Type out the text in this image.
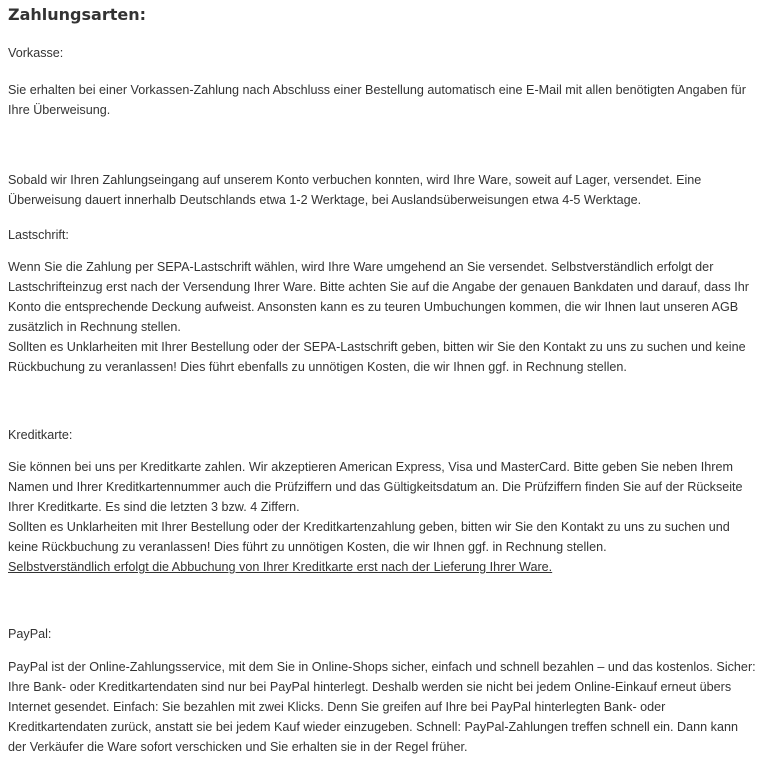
Zahlungsarten:
Vorkasse:

Sie erhalten bei einer Vorkassen-Zahlung nach Abschluss einer Bestellung automatisch eine E-Mail mit allen benötigten Angaben für Ihre Überweisung.

Sobald wir Ihren Zahlungseingang auf unserem Konto verbuchen konnten, wird Ihre Ware, soweit auf Lager, versendet. Eine Überweisung dauert innerhalb Deutschlands etwa 1-2 Werktage, bei Auslandsüberweisungen etwa 4-5 Werktage.

Lastschrift:

Wenn Sie die Zahlung per SEPA-Lastschrift wählen, wird Ihre Ware umgehend an Sie versendet. Selbstverständlich erfolgt der Lastschrifteinzug erst nach der Versendung Ihrer Ware. Bitte achten Sie auf die Angabe der genauen Bankdaten und darauf, dass Ihr Konto die entsprechende Deckung aufweist. Ansonsten kann es zu teuren Umbuchungen kommen, die wir Ihnen laut unseren AGB zusätzlich in Rechnung stellen.

Sollten es Unklarheiten mit Ihrer Bestellung oder der SEPA-Lastschrift geben, bitten wir Sie den Kontakt zu uns zu suchen und keine Rückbuchung zu veranlassen! Dies führt ebenfalls zu unnötigen Kosten, die wir Ihnen ggf. in Rechnung stellen.

Kreditkarte:

Sie können bei uns per Kreditkarte zahlen. Wir akzeptieren American Express, Visa und MasterCard. Bitte geben Sie neben Ihrem Namen und Ihrer Kreditkartennummer auch die Prüfziffern und das Gültigkeitsdatum an. Die Prüfziffern finden Sie auf der Rückseite Ihrer Kreditkarte. Es sind die letzten 3 bzw. 4 Ziffern.

Sollten es Unklarheiten mit Ihrer Bestellung oder der Kreditkartenzahlung geben, bitten wir Sie den Kontakt zu uns zu suchen und keine Rückbuchung zu veranlassen! Dies führt zu unnötigen Kosten, die wir Ihnen ggf. in Rechnung stellen.

Selbstverständlich erfolgt die Abbuchung von Ihrer Kreditkarte erst nach der Lieferung Ihrer Ware.

PayPal:

PayPal ist der Online-Zahlungsservice, mit dem Sie in Online-Shops sicher, einfach und schnell bezahlen – und das kostenlos. Sicher: Ihre Bank- oder Kreditkartendaten sind nur bei PayPal hinterlegt. Deshalb werden sie nicht bei jedem Online-Einkauf erneut übers Internet gesendet. Einfach: Sie bezahlen mit zwei Klicks. Denn Sie greifen auf Ihre bei PayPal hinterlegten Bank- oder Kreditkartendaten zurück, anstatt sie bei jedem Kauf wieder einzugeben. Schnell: PayPal-Zahlungen treffen schnell ein. Dann kann der Verkäufer die Ware sofort verschicken und Sie erhalten sie in der Regel früher.
